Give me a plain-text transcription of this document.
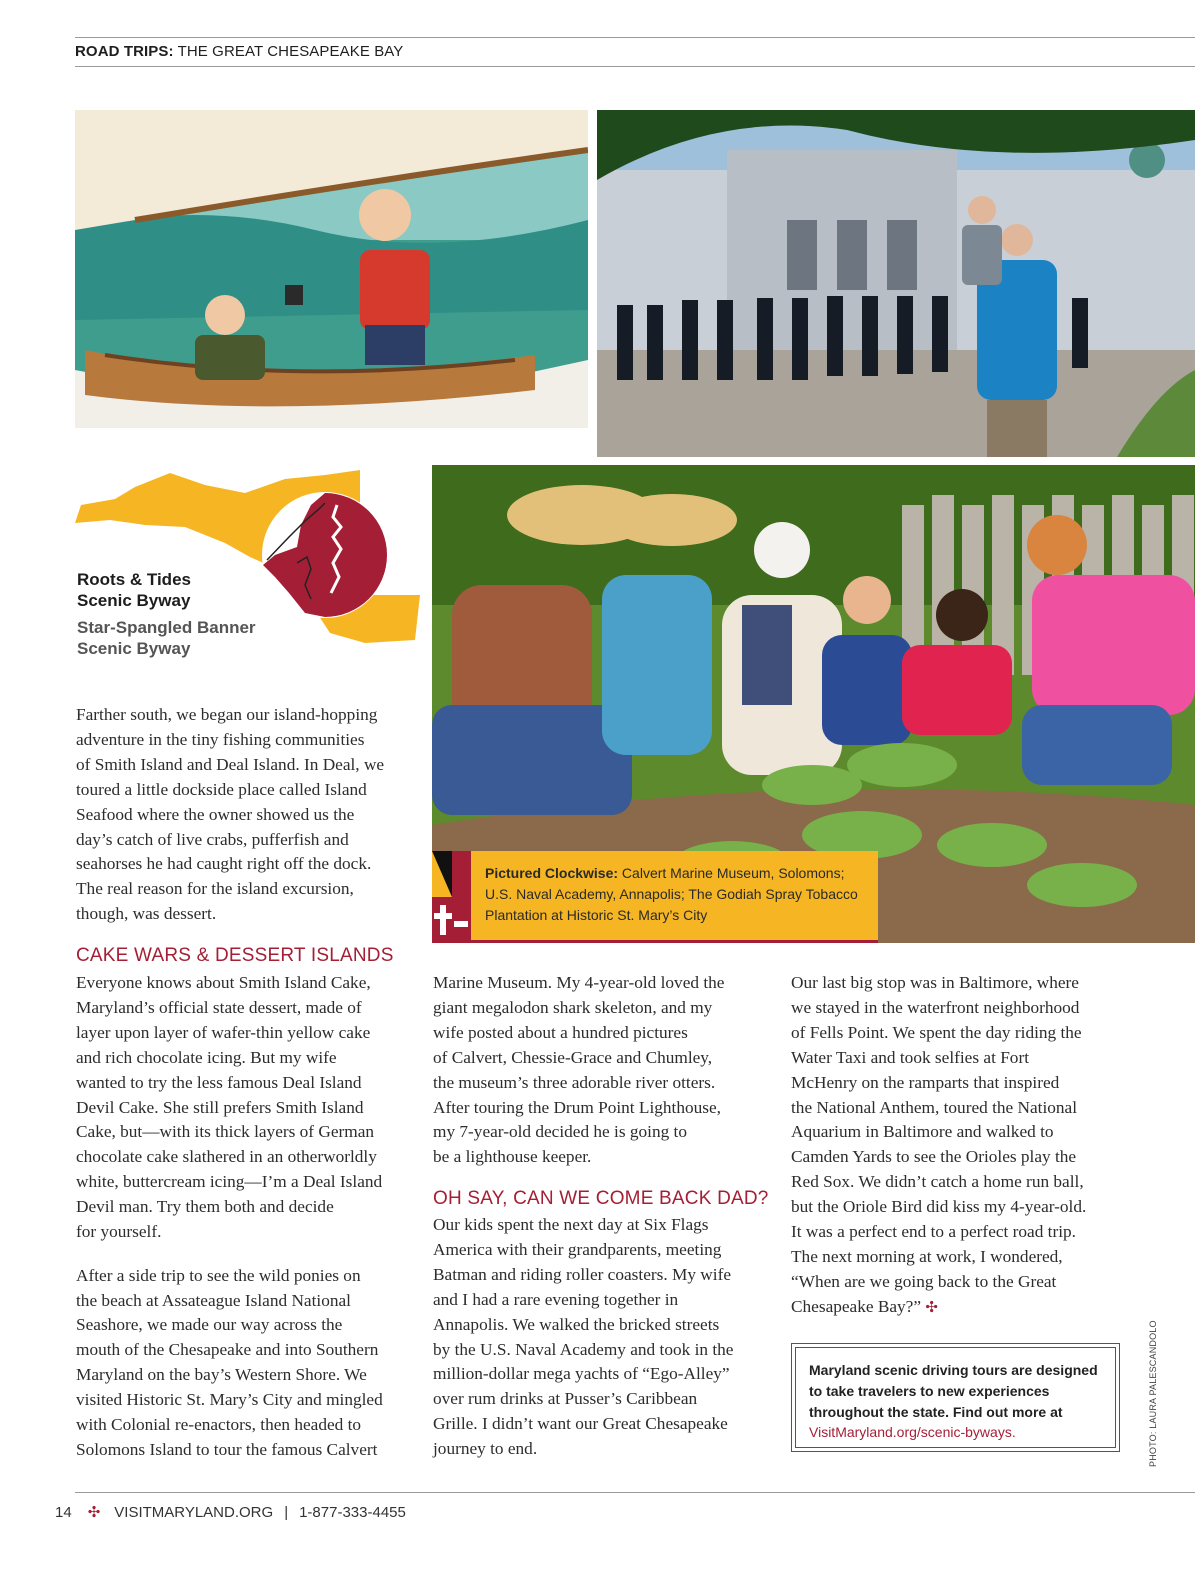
ROAD TRIPS: THE GREAT CHESAPEAKE BAY
Roots & Tides
Scenic Byway
Star-Spangled Banner
Scenic Byway

Farther south, we began our island-hopping
adventure in the tiny fishing communities
of Smith Island and Deal Island. In Deal, we
toured a little dockside place called Island
Seafood where the owner showed us the
day’s catch of live crabs, pufferfish and
seahorses he had caught right off the dock.
The real reason for the island excursion,
though, was dessert.

CAKE WARS & DESSERT ISLANDS

Everyone knows about Smith Island Cake,
Maryland’s official state dessert, made of
layer upon layer of wafer-thin yellow cake
and rich chocolate icing. But my wife
wanted to try the less famous Deal Island
Devil Cake. She still prefers Smith Island
Cake, but—with its thick layers of German
chocolate cake slathered in an otherworldly
white, buttercream icing—I’m a Deal Island
Devil man. Try them both and decide
for yourself.

After a side trip to see the wild ponies on
the beach at Assateague Island National
Seashore, we made our way across the
mouth of the Chesapeake and into Southern
Maryland on the bay’s Western Shore. We
visited Historic St. Mary’s City and mingled
with Colonial re-enactors, then headed to
Solomons Island to tour the famous Calvert

Marine Museum. My 4-year-old loved the
giant megalodon shark skeleton, and my
wife posted about a hundred pictures
of Calvert, Chessie-Grace and Chumley,
the museum’s three adorable river otters.
After touring the Drum Point Lighthouse,
my 7-year-old decided he is going to
be a lighthouse keeper.

OH SAY, CAN WE COME BACK DAD?

Our kids spent the next day at Six Flags
America with their grandparents, meeting
Batman and riding roller coasters. My wife
and I had a rare evening together in
Annapolis. We walked the bricked streets
by the U.S. Naval Academy and took in the
million-dollar mega yachts of “Ego-Alley”
over rum drinks at Pusser’s Caribbean
Grille. I didn’t want our Great Chesapeake
journey to end.

Our last big stop was in Baltimore, where
we stayed in the waterfront neighborhood
of Fells Point. We spent the day riding the
Water Taxi and took selfies at Fort
McHenry on the ramparts that inspired
the National Anthem, toured the National
Aquarium in Baltimore and walked to
Camden Yards to see the Orioles play the
Red Sox. We didn’t catch a home run ball,
but the Oriole Bird did kiss my 4-year-old.
It was a perfect end to a perfect road trip.
The next morning at work, I wondered,
“When are we going back to the Great
Chesapeake Bay?” ✣

Pictured Clockwise: Calvert Marine Museum, Solomons;
U.S. Naval Academy, Annapolis; The Godiah Spray Tobacco
Plantation at Historic St. Mary’s City
Maryland scenic driving tours are designed
to take travelers to new experiences
throughout the state. Find out more at
VisitMaryland.org/scenic-byways.	PHOTO: LAURA PALESCANDOLO
14 ✣ VISITMARYLAND.ORG | 1-877-333-4455
